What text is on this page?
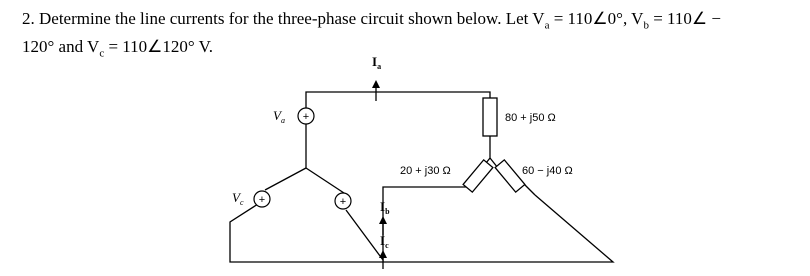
2. Determine the line currents for the three-phase circuit shown below. Let $V_a$ = 110∠0°, $V_b$ = 110∠ −
120° and $V_c$ = 110∠120° V.
+
+	+
$I_a$
$I_b$
$I_c$
$V_a$
$V_c$
80 + j50 Ω
20 + j30 Ω	60 − j40 Ω
